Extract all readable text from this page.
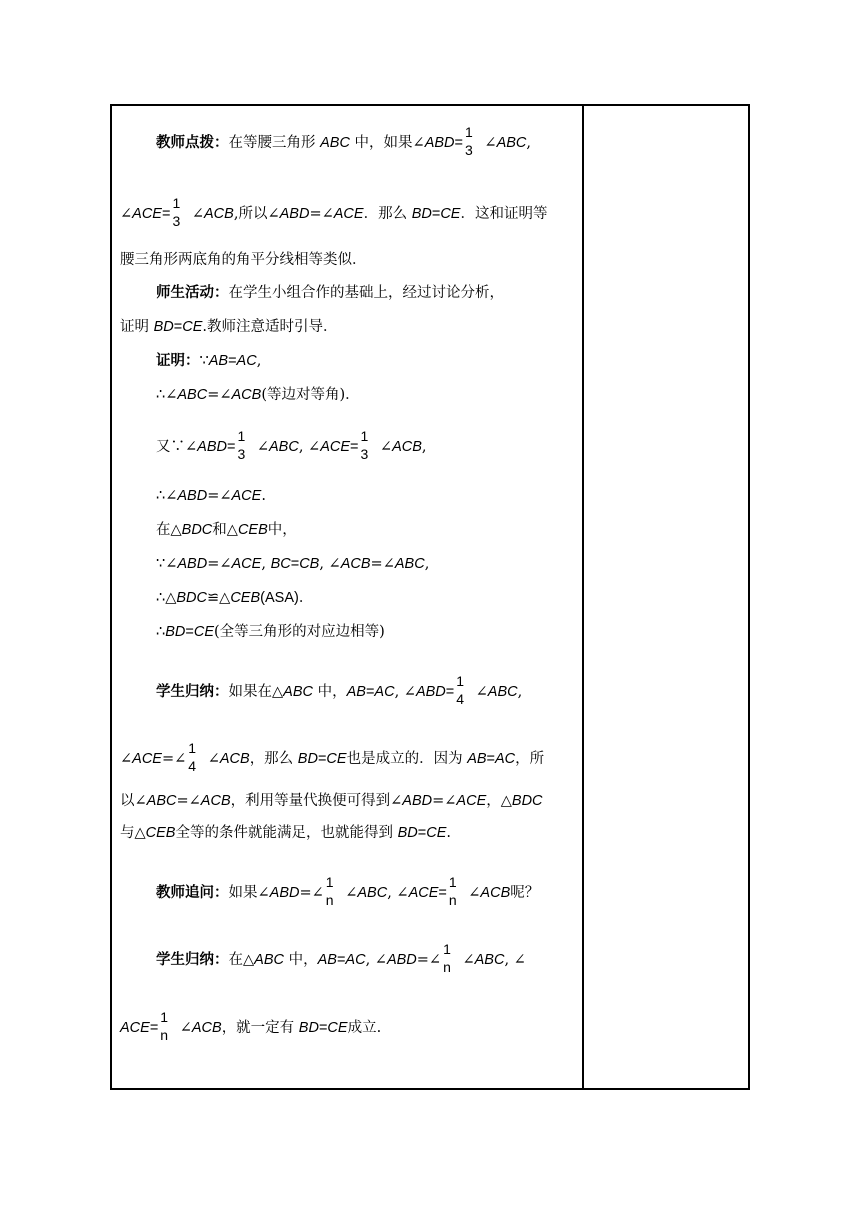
教师点拨：在等腰三角形 ABC 中，如果∠ABD=
1
3 ∠ABC,
∠ACE=
1
3 ∠ACB,所以∠ABD=∠ACE．那么 BD=CE．这和证明等
腰三角形两底角的角平分线相等类似．
师生活动：在学生小组合作的基础上，经过讨论分析，
证明 BD=CE.教师注意适时引导．
证明：∵AB=AC,
∴∠ABC=∠ACB(等边对等角)．
又∵∠ABD=
1
3 ∠ABC, ∠ACE=
1
3 ∠ACB,
∴∠ABD=∠ACE.
在△BDC和△CEB中，
∵∠ABD=∠ACE, BC=CB, ∠ACB=∠ABC,
∴△BDC≌△CEB(ASA)．
∴BD=CE(全等三角形的对应边相等)
学生归纳：如果在△ABC 中，AB=AC, ∠ABD=
1
4 ∠ABC,
∠ACE=∠
1
4 ∠ACB，那么 BD=CE也是成立的．因为 AB=AC，所
以∠ABC=∠ACB，利用等量代换便可得到∠ABD=∠ACE，△BDC
与△CEB全等的条件就能满足，也就能得到 BD=CE.
教师追问：如果∠ABD=∠
1
n ∠ABC, ∠ACE=
1
n ∠ACB呢？
学生归纳：在△ABC 中，AB=AC, ∠ABD=∠
1
n ∠ABC, ∠
ACE=
1
n ∠ACB，就一定有 BD=CE成立.
